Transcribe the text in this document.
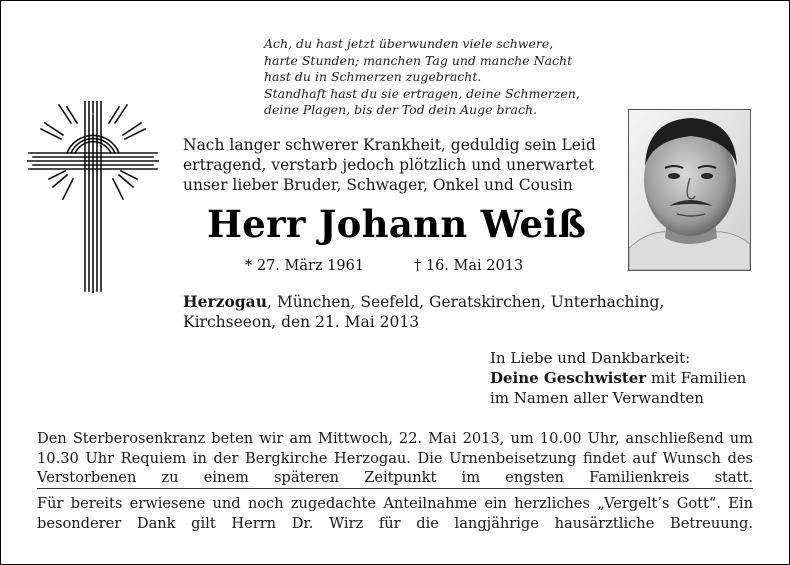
Ach, du hast jetzt überwunden viele schwere,
harte Stunden; manchen Tag und manche Nacht
hast du in Schmerzen zugebracht.
Standhaft hast du sie ertragen, deine Schmerzen,
deine Plagen, bis der Tod dein Auge brach.
Nach langer schwerer Krankheit, geduldig sein Leid
ertragend, verstarb jedoch plötzlich und unerwartet
unser lieber Bruder, Schwager, Onkel und Cousin
Herr Johann Weiß
* 27. März 1961	† 16. Mai 2013
Herzogau, München, Seefeld, Geratskirchen, Unterhaching,
Kirchseeon, den 21. Mai 2013
In Liebe und Dankbarkeit:
Deine Geschwister mit Familien
im Namen aller Verwandten

Den Sterberosenkranz beten wir am Mittwoch, 22. Mai 2013, um 10.00 Uhr, anschließend um 10.30 Uhr Requiem in der Bergkirche Herzogau. Die Urnenbeisetzung findet auf Wunsch des Verstorbenen zu einem späteren Zeitpunkt im engsten Familienkreis statt.

Für bereits erwiesene und noch zugedachte Anteilnahme ein herzliches „Vergelt’s Gott“. Ein besonderer Dank gilt Herrn Dr. Wirz für die langjährige hausärztliche Betreuung.
